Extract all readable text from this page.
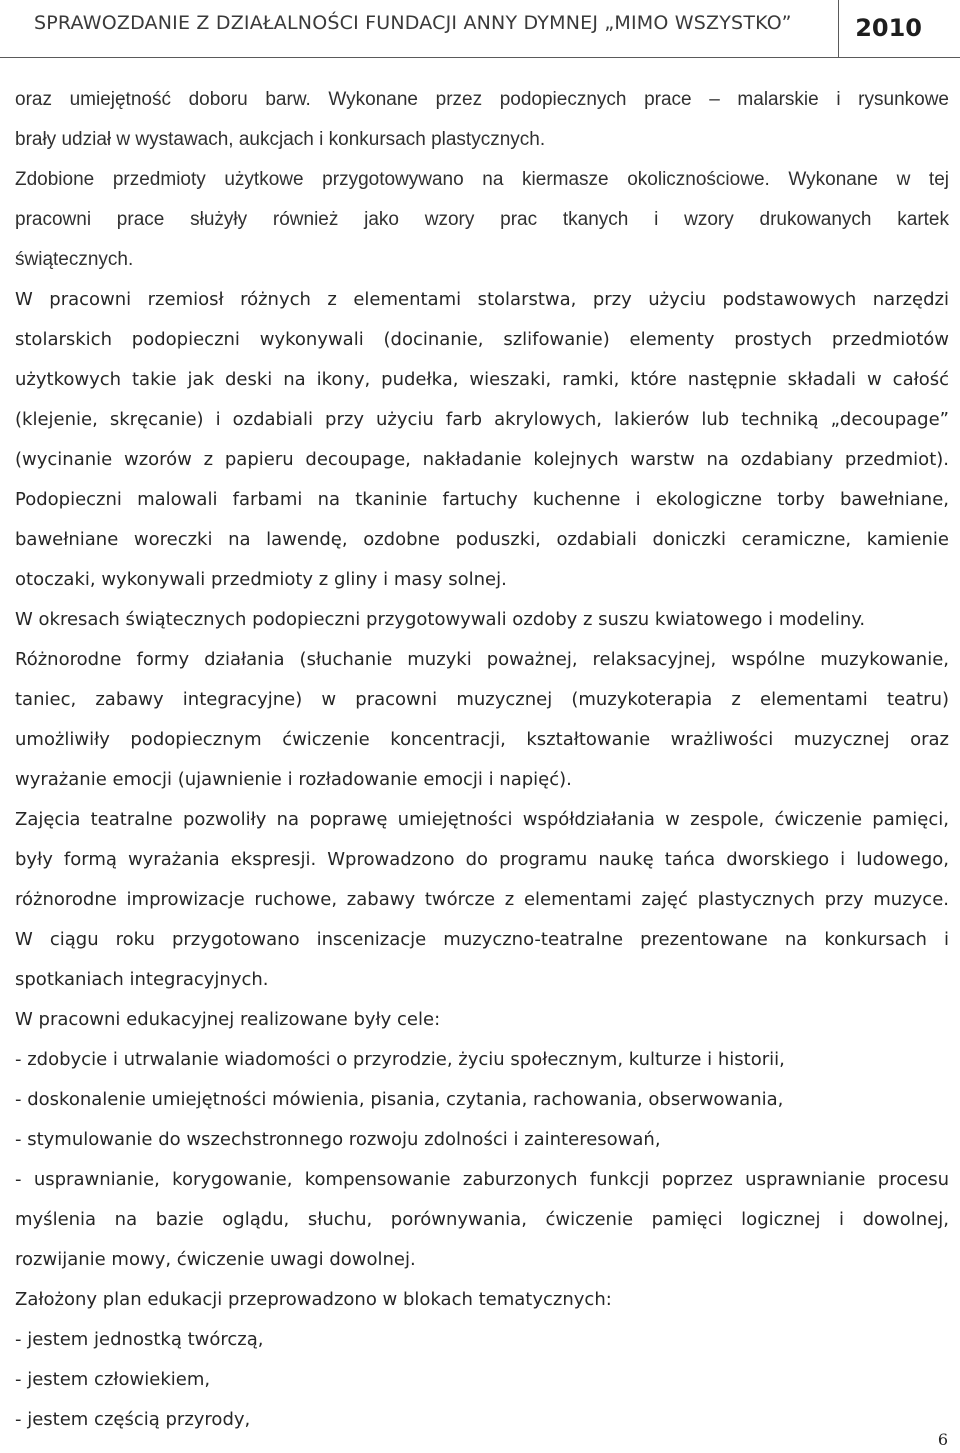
SPRAWOZDANIE Z DZIAŁALNOŚCI FUNDACJI ANNY DYMNEJ „MIMO WSZYSTKO”	2010
oraz umiejętność doboru barw. Wykonane przez podopiecznych prace – malarskie i rysunkowe
brały udział w wystawach, aukcjach i konkursach plastycznych.
Zdobione przedmioty użytkowe przygotowywano na kiermasze okolicznościowe. Wykonane w tej
pracowni prace służyły również jako wzory prac tkanych i wzory drukowanych kartek
świątecznych.
W pracowni rzemiosł różnych z elementami stolarstwa, przy użyciu podstawowych narzędzi
stolarskich podopieczni wykonywali (docinanie, szlifowanie) elementy prostych przedmiotów
użytkowych takie jak deski na ikony, pudełka, wieszaki, ramki, które następnie składali w całość
(klejenie, skręcanie) i ozdabiali przy użyciu farb akrylowych, lakierów lub techniką „decoupage”
(wycinanie wzorów z papieru decoupage, nakładanie kolejnych warstw na ozdabiany przedmiot).
Podopieczni malowali farbami na tkaninie fartuchy kuchenne i ekologiczne torby bawełniane,
bawełniane woreczki na lawendę, ozdobne poduszki, ozdabiali doniczki ceramiczne, kamienie
otoczaki, wykonywali przedmioty z gliny i masy solnej.
W okresach świątecznych podopieczni przygotowywali ozdoby z suszu kwiatowego i modeliny.
Różnorodne formy działania (słuchanie muzyki poważnej, relaksacyjnej, wspólne muzykowanie,
taniec, zabawy integracyjne) w pracowni muzycznej (muzykoterapia z elementami teatru)
umożliwiły podopiecznym ćwiczenie koncentracji, kształtowanie wrażliwości muzycznej oraz
wyrażanie emocji (ujawnienie i rozładowanie emocji i napięć).
Zajęcia teatralne pozwoliły na poprawę umiejętności współdziałania w zespole, ćwiczenie pamięci,
były formą wyrażania ekspresji. Wprowadzono do programu naukę tańca dworskiego i ludowego,
różnorodne improwizacje ruchowe, zabawy twórcze z elementami zajęć plastycznych przy muzyce.
W ciągu roku przygotowano inscenizacje muzyczno-teatralne prezentowane na konkursach i
spotkaniach integracyjnych.
W pracowni edukacyjnej realizowane były cele:
- zdobycie i utrwalanie wiadomości o przyrodzie, życiu społecznym, kulturze i historii,
- doskonalenie umiejętności mówienia, pisania, czytania, rachowania, obserwowania,
- stymulowanie do wszechstronnego rozwoju zdolności i zainteresowań,
- usprawnianie, korygowanie, kompensowanie zaburzonych funkcji poprzez usprawnianie procesu
myślenia na bazie oglądu, słuchu, porównywania, ćwiczenie pamięci logicznej i dowolnej,
rozwijanie mowy, ćwiczenie uwagi dowolnej.
Założony plan edukacji przeprowadzono w blokach tematycznych:
- jestem jednostką twórczą,
- jestem człowiekiem,
- jestem częścią przyrody,
6
